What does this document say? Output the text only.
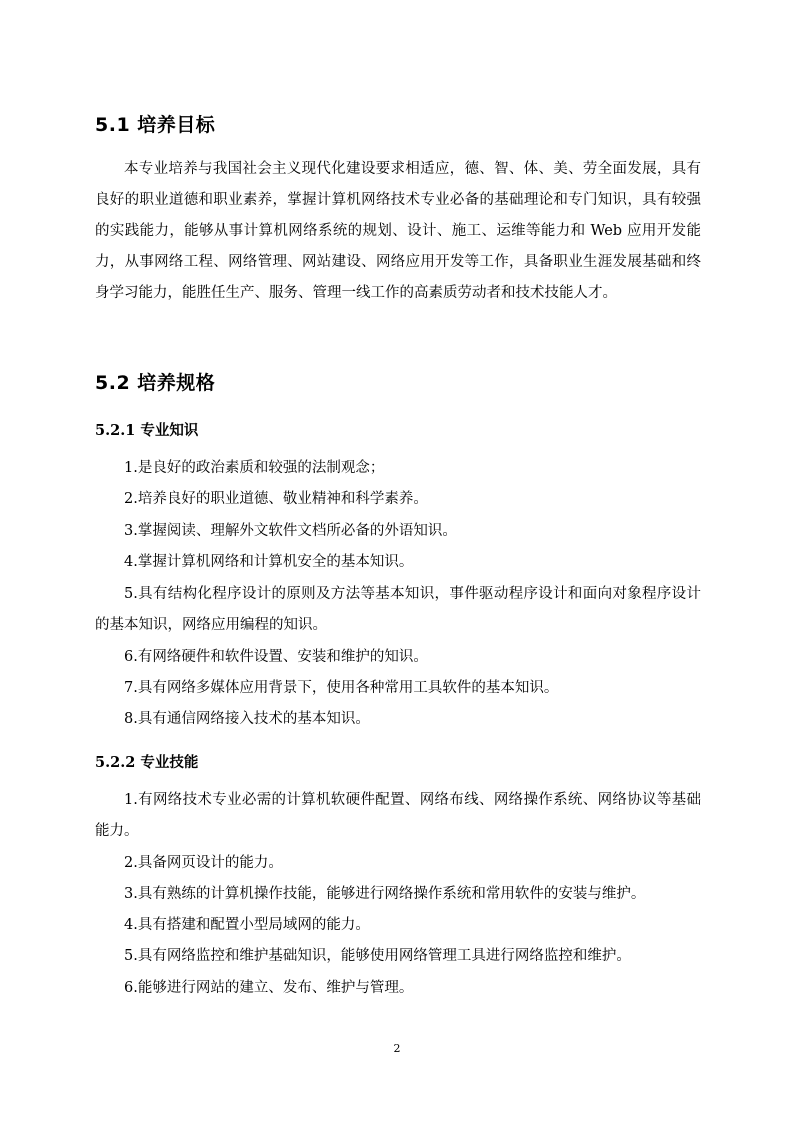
5.1 培养目标

本专业培养与我国社会主义现代化建设要求相适应，德、智、体、美、劳全面发展，具有良好的职业道德和职业素养，掌握计算机网络技术专业必备的基础理论和专门知识，具有较强的实践能力，能够从事计算机网络系统的规划、设计、施工、运维等能力和 Web 应用开发能力，从事网络工程、网络管理、网站建设、网络应用开发等工作，具备职业生涯发展基础和终身学习能力，能胜任生产、服务、管理一线工作的高素质劳动者和技术技能人才。

5.2 培养规格
5.2.1 专业知识

1.是良好的政治素质和较强的法制观念；

2.培养良好的职业道德、敬业精神和科学素养。

3.掌握阅读、理解外文软件文档所必备的外语知识。

4.掌握计算机网络和计算机安全的基本知识。

5.具有结构化程序设计的原则及方法等基本知识，事件驱动程序设计和面向对象程序设计的基本知识，网络应用编程的知识。

6.有网络硬件和软件设置、安装和维护的知识。

7.具有网络多媒体应用背景下，使用各种常用工具软件的基本知识。

8.具有通信网络接入技术的基本知识。

5.2.2 专业技能

1.有网络技术专业必需的计算机软硬件配置、网络布线、网络操作系统、网络协议等基础能力。

2.具备网页设计的能力。

3.具有熟练的计算机操作技能，能够进行网络操作系统和常用软件的安装与维护。

4.具有搭建和配置小型局域网的能力。

5.具有网络监控和维护基础知识，能够使用网络管理工具进行网络监控和维护。

6.能够进行网站的建立、发布、维护与管理。

2
